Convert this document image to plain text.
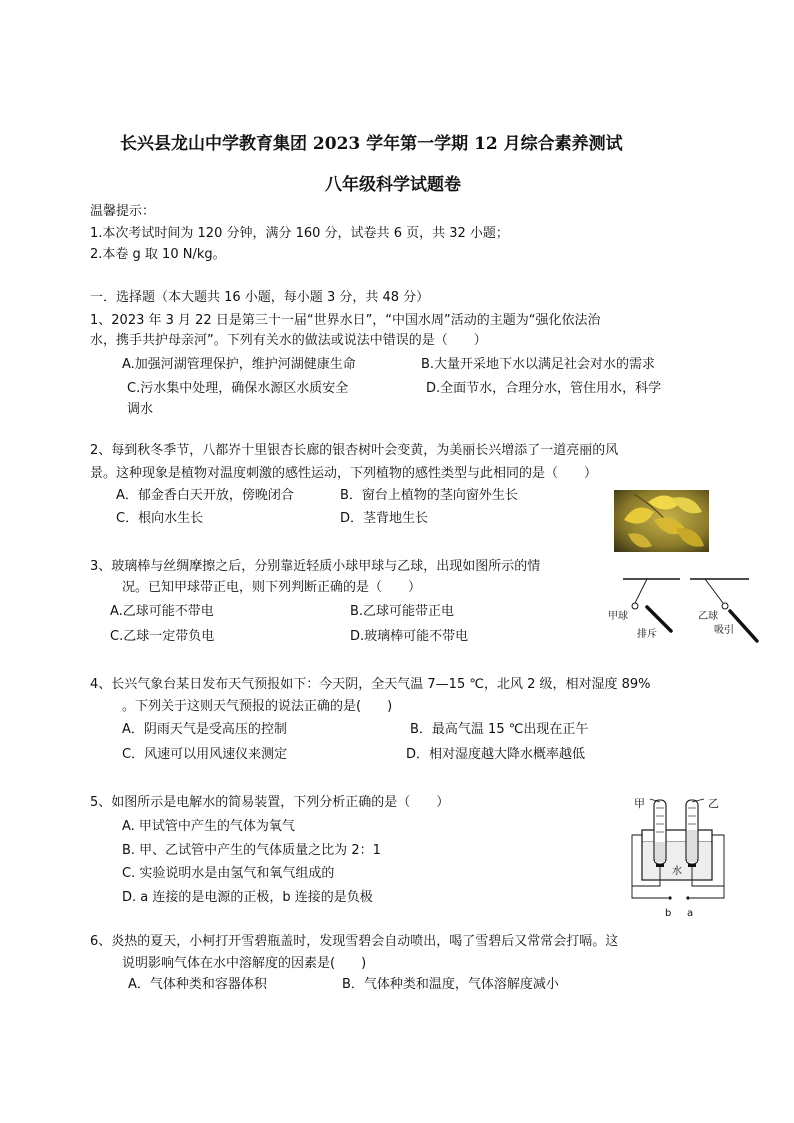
长兴县龙山中学教育集团 2023 学年第一学期 12 月综合素养测试
八年级科学试题卷
温馨提示：
1.本次考试时间为 120 分钟，满分 160 分，试卷共 6 页，共 32 小题；
2.本卷 g 取 10 N/kg。
一．选择题（本大题共 16 小题，每小题 3 分，共 48 分）
1、2023 年 3 月 22 日是第三十一届“世界水日”，“中国水周”活动的主题为“强化依法治
水，携手共护母亲河”。下列有关水的做法或说法中错误的是（　　）
A.加强河湖管理保护，维护河湖健康生命	B.大量开采地下水以满足社会对水的需求
C.污水集中处理，确保水源区水质安全	D.全面节水，合理分水，管住用水，科学
调水
2、每到秋冬季节，八都岕十里银杏长廊的银杏树叶会变黄，为美丽长兴增添了一道亮丽的风
景。这种现象是植物对温度刺激的感性运动，下列植物的感性类型与此相同的是（　　）
A．郁金香白天开放，傍晚闭合	B．窗台上植物的茎向窗外生长
C．根向水生长	D．茎背地生长
3、玻璃棒与丝绸摩擦之后，分别靠近轻质小球甲球与乙球，出现如图所示的情
况。已知甲球带正电，则下列判断正确的是（　　）
A.乙球可能不带电	B.乙球可能带正电
C.乙球一定带负电	D.玻璃棒可能不带电
甲球
排斥
乙球
吸引
4、长兴气象台某日发布天气预报如下：今天阴，全天气温 7—15 ℃，北风 2 级，相对湿度 89%
。下列关于这则天气预报的说法正确的是(　　)
A．阴雨天气是受高压的控制	B．最高气温 15 ℃出现在正午
C．风速可以用风速仪来测定	D．相对湿度越大降水概率越低
5、如图所示是电解水的简易装置，下列分析正确的是（　　）
A. 甲试管中产生的气体为氧气
B. 甲、乙试管中产生的气体质量之比为 2：1
C. 实验说明水是由氢气和氧气组成的
D. a 连接的是电源的正极，b 连接的是负极
甲	乙
水
b a
6、炎热的夏天，小柯打开雪碧瓶盖时，发现雪碧会自动喷出，喝了雪碧后又常常会打嗝。这
说明影响气体在水中溶解度的因素是(　　)
A．气体种类和容器体积	B．气体种类和温度，气体溶解度减小
